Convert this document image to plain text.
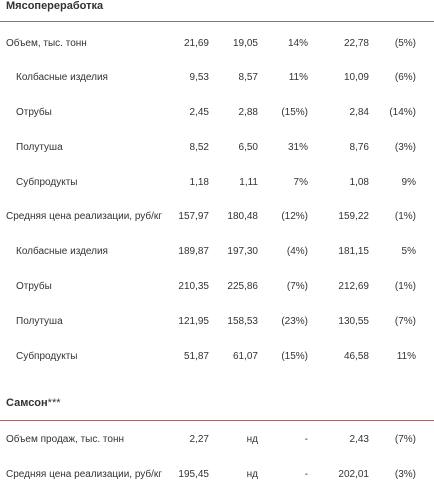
Мясопереработка
Объем, тыс. тонн	21,69 19,05	14%	22,78	(5%)
Колбасные изделия	9,53	8,57	11%	10,09	(6%)
Отрубы	2,45	2,88 (15%)	2,84 (14%)
Полутуша	8,52	6,50	31%	8,76	(3%)
Субпродукты	1,18	1,11	7%	1,08	9%
Средняя цена реализации, руб/кг 157,97 180,48 (12%)	159,22	(1%)
Колбасные изделия	189,87 197,30	(4%)	181,15	5%
Отрубы	210,35 225,86	(7%)	212,69	(1%)
Полутуша	121,95 158,53 (23%)	130,55	(7%)
Субпродукты	51,87 61,07 (15%)	46,58	11%
Самсон***
Объем продаж, тыс. тонн	2,27	нд	-	2,43	(7%)
Средняя цена реализации, руб/кг 195,45	нд	-	202,01	(3%)
